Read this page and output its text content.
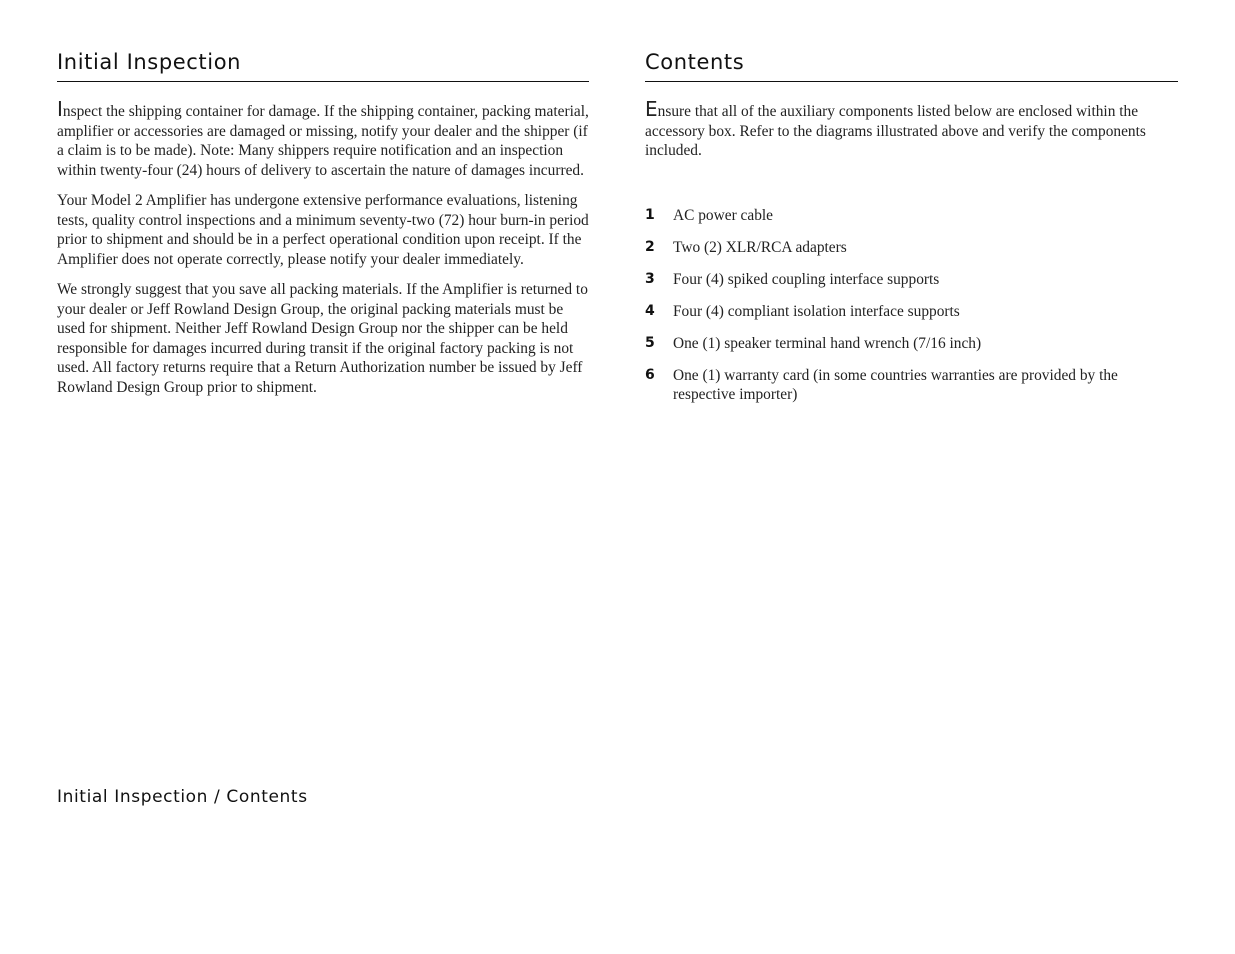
Initial Inspection

Inspect the shipping container for damage. If the shipping container, packing material, amplifier or accessories are damaged or missing, notify your dealer and the shipper (if a claim is to be made). Note: Many shippers require notification and an inspection within twenty-four (24) hours of delivery to ascertain the nature of damages incurred.

Your Model 2 Amplifier has undergone extensive performance evaluations, listening tests, quality control inspections and a minimum seventy-two (72) hour burn-in period prior to shipment and should be in a perfect operational condition upon receipt. If the Amplifier does not operate correctly, please notify your dealer immediately.

We strongly suggest that you save all packing materials. If the Amplifier is returned to your dealer or Jeff Rowland Design Group, the original packing materials must be used for shipment. Neither Jeff Rowland Design Group nor the shipper can be held responsible for damages incurred during transit if the original factory packing is not used. All factory returns require that a Return Authorization number be issued by Jeff Rowland Design Group prior to shipment.

Contents

Ensure that all of the auxiliary components listed below are enclosed within the accessory box. Refer to the diagrams illustrated above and verify the components included.

1	AC power cable
2	Two (2) XLR/RCA adapters
3	Four (4) spiked coupling interface supports
4	Four (4) compliant isolation interface supports
5	One (1) speaker terminal hand wrench (7/16 inch)
6	One (1) warranty card (in some countries warranties are provided by the respective importer)
Initial Inspection / Contents
